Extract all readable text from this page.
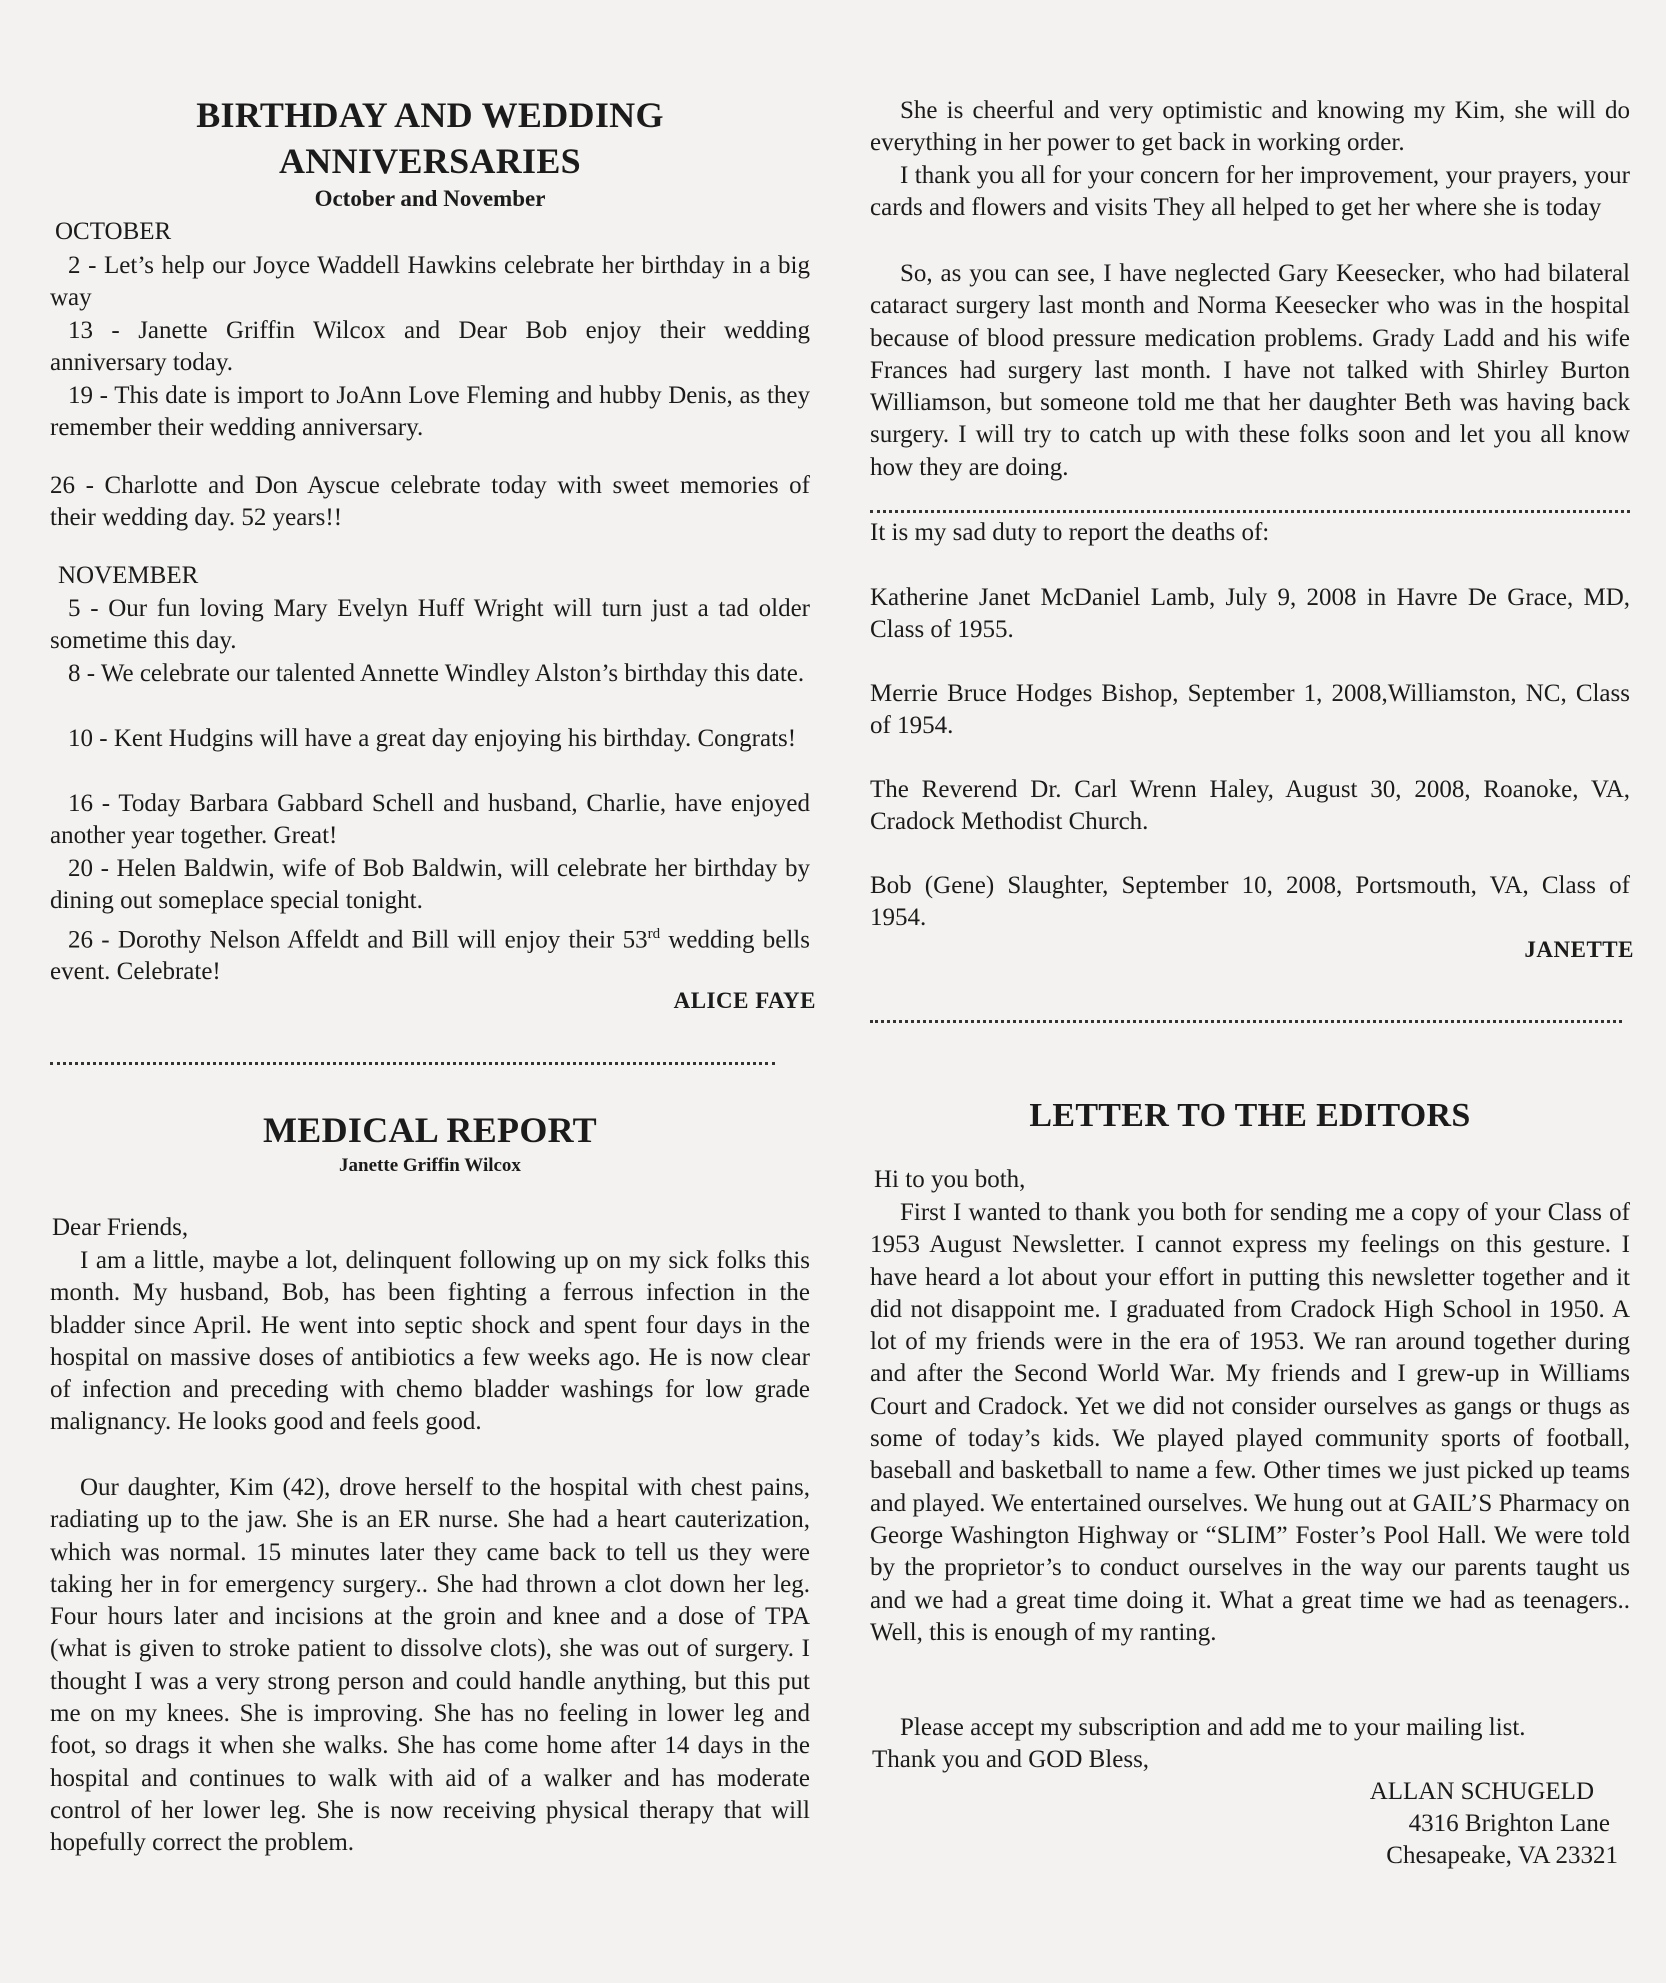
BIRTHDAY AND WEDDING ANNIVERSARIES
October and November
OCTOBER
2 - Let’s help our Joyce Waddell Hawkins celebrate her birthday in a big way
13 - Janette Griffin Wilcox and Dear Bob enjoy their wedding anniversary today.
19 - This date is import to JoAnn Love Fleming and hubby Denis, as they remember their wedding anniversary.
26 - Charlotte and Don Ayscue celebrate today with sweet memories of their wedding day. 52 years!!
NOVEMBER
5 - Our fun loving Mary Evelyn Huff Wright will turn just a tad older sometime this day.
8 - We celebrate our talented Annette Windley Alston’s birthday this date.
10 - Kent Hudgins will have a great day enjoying his birthday. Congrats!
16 - Today Barbara Gabbard Schell and husband, Charlie, have enjoyed another year together. Great!
20 - Helen Baldwin, wife of Bob Baldwin, will celebrate her birthday by dining out someplace special tonight.
26 - Dorothy Nelson Affeldt and Bill will enjoy their 53rd wedding bells event. Celebrate!
ALICE FAYE
MEDICAL REPORT
Janette Griffin Wilcox
Dear Friends,
I am a little, maybe a lot, delinquent following up on my sick folks this month. My husband, Bob, has been fighting a ferrous infection in the bladder since April. He went into septic shock and spent four days in the hospital on massive doses of antibiotics a few weeks ago. He is now clear of infection and preceding with chemo bladder washings for low grade malignancy. He looks good and feels good.
Our daughter, Kim (42), drove herself to the hospital with chest pains, radiating up to the jaw. She is an ER nurse. She had a heart cauterization, which was normal. 15 minutes later they came back to tell us they were taking her in for emergency surgery.. She had thrown a clot down her leg. Four hours later and incisions at the groin and knee and a dose of TPA (what is given to stroke patient to dissolve clots), she was out of surgery. I thought I was a very strong person and could handle anything, but this put me on my knees. She is improving. She has no feeling in lower leg and foot, so drags it when she walks. She has come home after 14 days in the hospital and continues to walk with aid of a walker and has moderate control of her lower leg. She is now receiving physical therapy that will hopefully correct the problem.
She is cheerful and very optimistic and knowing my Kim, she will do everything in her power to get back in working order.
I thank you all for your concern for her improvement, your prayers, your cards and flowers and visits They all helped to get her where she is today
So, as you can see, I have neglected Gary Keesecker, who had bilateral cataract surgery last month and Norma Keesecker who was in the hospital because of blood pressure medication problems. Grady Ladd and his wife Frances had surgery last month. I have not talked with Shirley Burton Williamson, but someone told me that her daughter Beth was having back surgery. I will try to catch up with these folks soon and let you all know how they are doing.
It is my sad duty to report the deaths of:
Katherine Janet McDaniel Lamb, July 9, 2008 in Havre De Grace, MD, Class of 1955.
Merrie Bruce Hodges Bishop, September 1, 2008,Williamston, NC, Class of 1954.
The Reverend Dr. Carl Wrenn Haley, August 30, 2008, Roanoke, VA, Cradock Methodist Church.
Bob (Gene) Slaughter, September 10, 2008, Portsmouth, VA, Class of 1954.
JANETTE
LETTER TO THE EDITORS
Hi to you both,
First I wanted to thank you both for sending me a copy of your Class of 1953 August Newsletter. I cannot express my feelings on this gesture. I have heard a lot about your effort in putting this newsletter together and it did not disappoint me. I graduated from Cradock High School in 1950. A lot of my friends were in the era of 1953. We ran around together during and after the Second World War. My friends and I grew-up in Williams Court and Cradock. Yet we did not consider ourselves as gangs or thugs as some of today’s kids. We played played community sports of football, baseball and basketball to name a few. Other times we just picked up teams and played. We entertained ourselves. We hung out at GAIL’S Pharmacy on George Washington Highway or “SLIM” Foster’s Pool Hall. We were told by the proprietor’s to conduct ourselves in the way our parents taught us and we had a great time doing it. What a great time we had as teenagers.. Well, this is enough of my ranting.
Please accept my subscription and add me to your mailing list.
Thank you and GOD Bless,
ALLAN SCHUGELD
4316 Brighton Lane
Chesapeake, VA 23321
